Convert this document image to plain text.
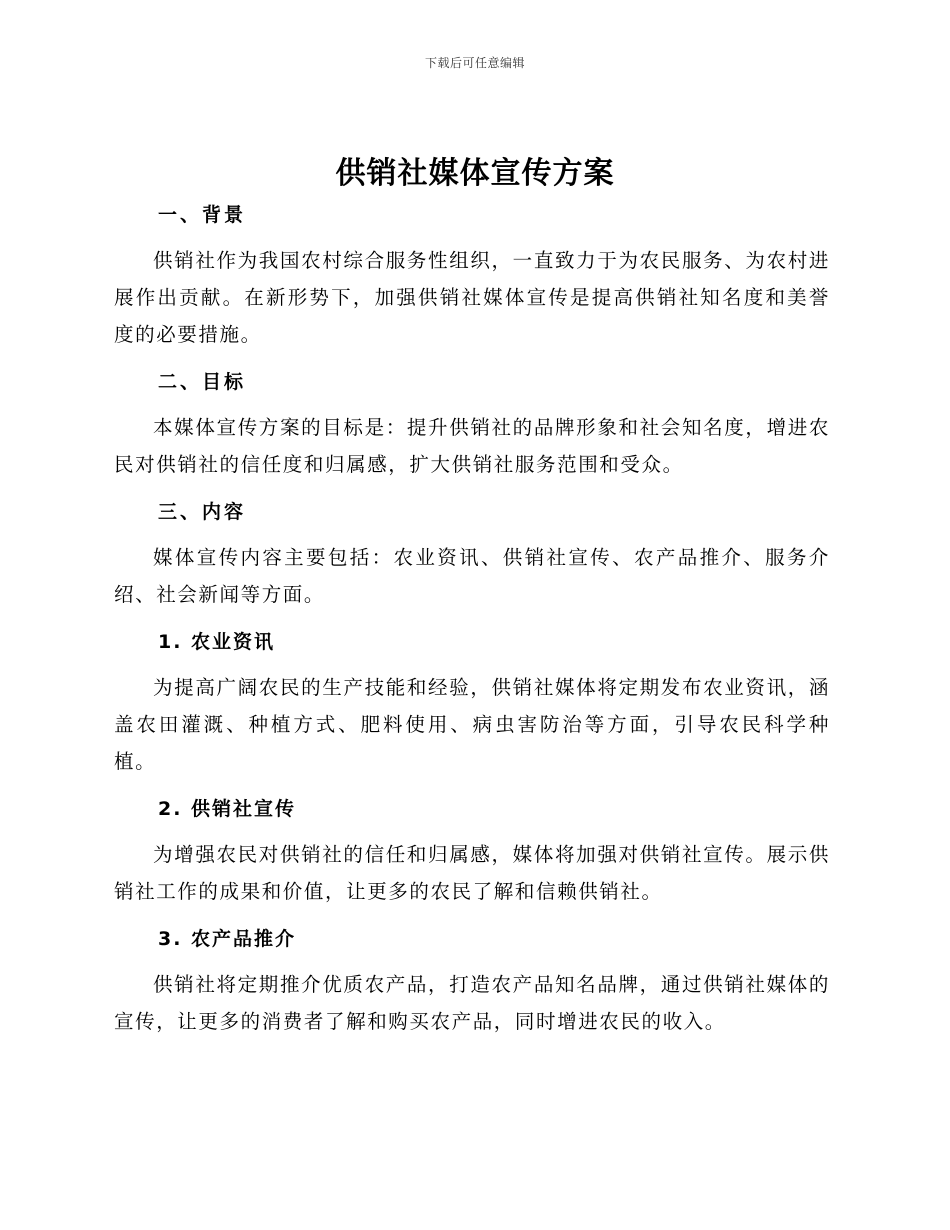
下载后可任意编辑
供销社媒体宣传方案
一、背景

供销社作为我国农村综合服务性组织，一直致力于为农民服务、为农村进展作出贡献。在新形势下，加强供销社媒体宣传是提高供销社知名度和美誉度的必要措施。

二、目标

本媒体宣传方案的目标是：提升供销社的品牌形象和社会知名度，增进农民对供销社的信任度和归属感，扩大供销社服务范围和受众。

三、内容

媒体宣传内容主要包括：农业资讯、供销社宣传、农产品推介、服务介绍、社会新闻等方面。

1. 农业资讯

为提高广阔农民的生产技能和经验，供销社媒体将定期发布农业资讯，涵盖农田灌溉、种植方式、肥料使用、病虫害防治等方面，引导农民科学种植。

2. 供销社宣传

为增强农民对供销社的信任和归属感，媒体将加强对供销社宣传。展示供销社工作的成果和价值，让更多的农民了解和信赖供销社。

3. 农产品推介

供销社将定期推介优质农产品，打造农产品知名品牌，通过供销社媒体的宣传，让更多的消费者了解和购买农产品，同时增进农民的收入。
